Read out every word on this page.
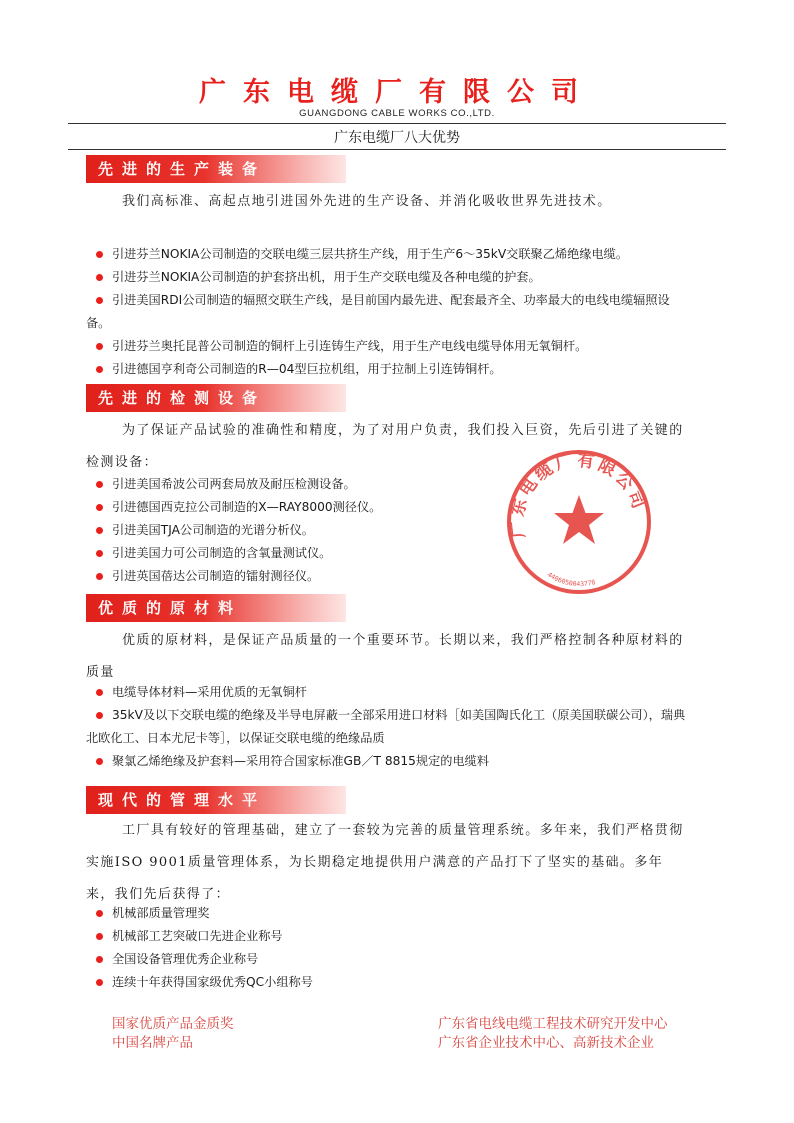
广东电缆厂有限公司
GUANGDONG CABLE WORKS CO.,LTD.
广东电缆厂八大优势
先进的生产装备

我们高标准、高起点地引进国外先进的生产设备、并消化吸收世界先进技术。

引进芬兰NOKIA公司制造的交联电缆三层共挤生产线，用于生产6～35kV交联聚乙烯绝缘电缆。
引进芬兰NOKIA公司制造的护套挤出机，用于生产交联电缆及各种电缆的护套。
引进美国RDI公司制造的辐照交联生产线，是目前国内最先进、配套最齐全、功率最大的电线电缆辐照设备。
引进芬兰奥托昆普公司制造的铜杆上引连铸生产线，用于生产电线电缆导体用无氧铜杆。
引进德国亨利奇公司制造的R—04型巨拉机组，用于拉制上引连铸铜杆。
先进的检测设备

为了保证产品试验的准确性和精度，为了对用户负责，我们投入巨资，先后引进了关键的检测设备：

引进美国希波公司两套局放及耐压检测设备。
引进德国西克拉公司制造的X—RAY8000测径仪。
引进美国TJA公司制造的光谱分析仪。
引进美国力可公司制造的含氧量测试仪。
引进英国蓓达公司制造的镭射测径仪。
广东电缆厂有限公司
4406050043778
优质的原材料

优质的原材料，是保证产品质量的一个重要环节。长期以来，我们严格控制各种原材料的质量

电缆导体材料—采用优质的无氧铜杆
35kV及以下交联电缆的绝缘及半导电屏蔽一全部采用进口材料［如美国陶氏化工（原美国联碳公司），瑞典北欧化工、日本尤尼卡等］，以保证交联电缆的绝缘品质
聚氯乙烯绝缘及护套料—采用符合国家标准GB／T 8815规定的电缆料
现代的管理水平

工厂具有较好的管理基础，建立了一套较为完善的质量管理系统。多年来，我们严格贯彻实施ISO 9001质量管理体系，为长期稳定地提供用户满意的产品打下了坚实的基础。多年来，我们先后获得了：

机械部质量管理奖
机械部工艺突破口先进企业称号
全国设备管理优秀企业称号
连续十年获得国家级优秀QC小组称号
国家优质产品金质奖
中国名牌产品
广东省电线电缆工程技术研究开发中心
广东省企业技术中心、高新技术企业
